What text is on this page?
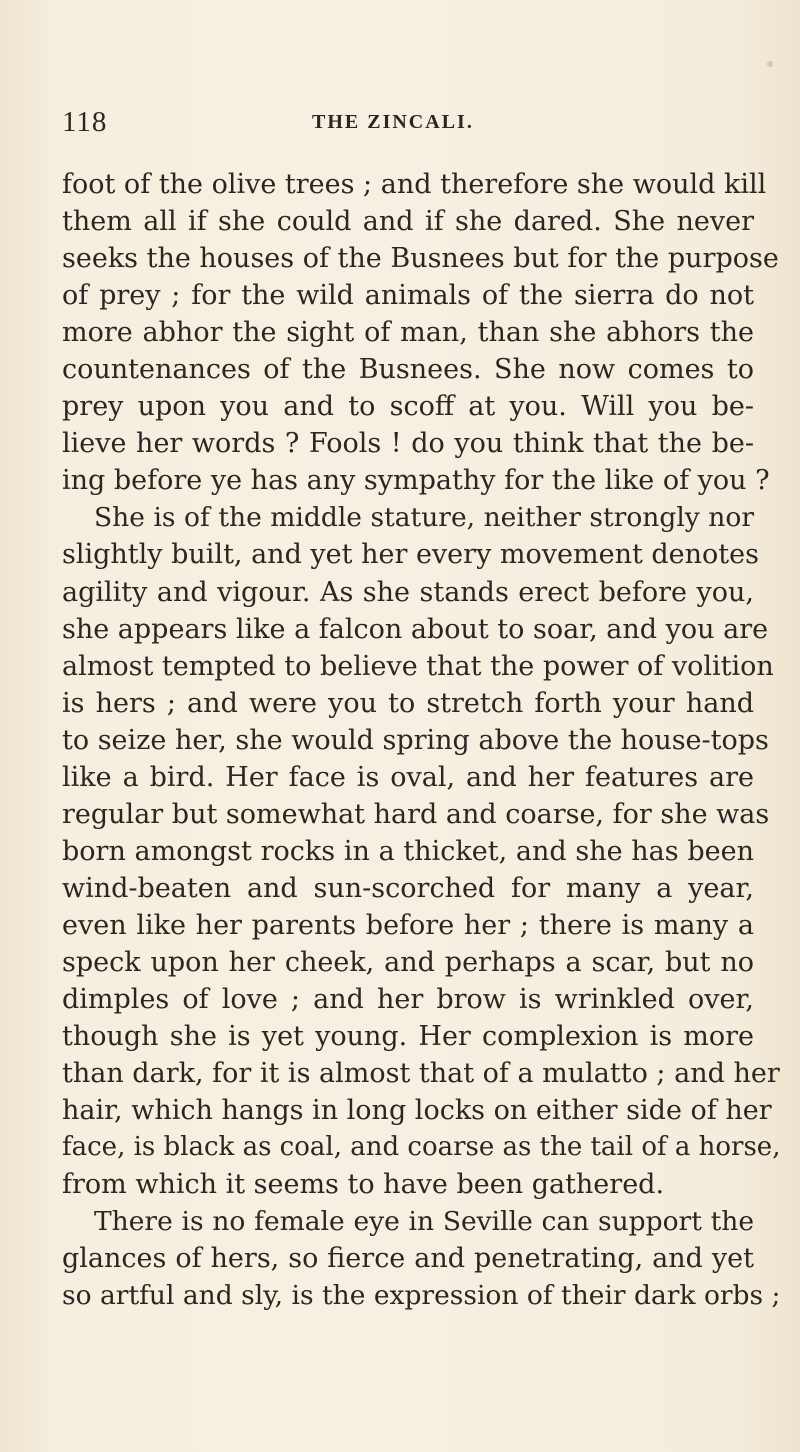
118	THE ZINCALI.
foot of the olive trees ; and therefore she would kill
them all if she could and if she dared. She never
seeks the houses of the Busnees but for the purpose
of prey ; for the wild animals of the sierra do not
more abhor the sight of man, than she abhors the
countenances of the Busnees. She now comes to
prey upon you and to scoff at you. Will you be-
lieve her words ? Fools ! do you think that the be-
ing before ye has any sympathy for the like of you ?
She is of the middle stature, neither strongly nor
slightly built, and yet her every movement denotes
agility and vigour. As she stands erect before you,
she appears like a falcon about to soar, and you are
almost tempted to believe that the power of volition
is hers ; and were you to stretch forth your hand
to seize her, she would spring above the house-tops
like a bird. Her face is oval, and her features are
regular but somewhat hard and coarse, for she was
born amongst rocks in a thicket, and she has been
wind-beaten and sun-scorched for many a year,
even like her parents before her ; there is many a
speck upon her cheek, and perhaps a scar, but no
dimples of love ; and her brow is wrinkled over,
though she is yet young. Her complexion is more
than dark, for it is almost that of a mulatto ; and her
hair, which hangs in long locks on either side of her
face, is black as coal, and coarse as the tail of a horse,
from which it seems to have been gathered.
There is no female eye in Seville can support the
glances of hers, so fierce and penetrating, and yet
so artful and sly, is the expression of their dark orbs ;
